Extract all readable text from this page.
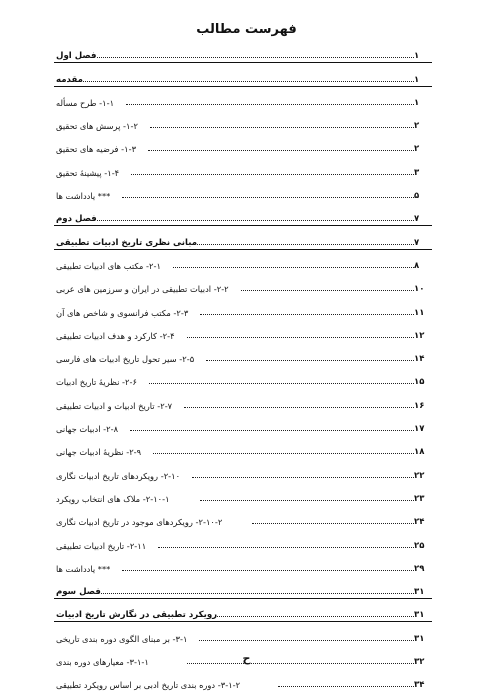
فهرست مطالب
فصل اول	۱
مقدمه	۱
۱-۱- طرح مسأله	۱
۱-۲- پرسش های تحقیق	۲
۱-۳- فرضیه های تحقیق	۲
۱-۴- پیشینهٔ تحقیق	۳
*** یادداشت ها	۵
فصل دوم	۷
مبانی نظری تاریخ ادبیات تطبیقی	۷
۲-۱- مکتب های ادبیات تطبیقی	۸
۲-۲- ادبیات تطبیقی در ایران و سرزمین های عربی	۱۰
۲-۳- مکتب فرانسوی و شاخص های آن	۱۱
۲-۴- کارکرد و هدف ادبیات تطبیقی	۱۲
۲-۵- سیر تحول تاریخ ادبیات های فارسی	۱۴
۲-۶- نظریهٔ تاریخ ادبیات	۱۵
۲-۷- تاریخ ادبیات و ادبیات تطبیقی	۱۶
۲-۸- ادبیات جهانی	۱۷
۲-۹- نظریهٔ ادبیات جهانی	۱۸
۲-۱۰- رویکردهای تاریخ ادبیات نگاری	۲۲
۲-۱۰-۱- ملاک های انتخاب رویکرد	۲۳
۲-۱۰-۲- رویکردهای موجود در تاریخ ادبیات نگاری	۲۴
۲-۱۱- تاریخ ادبیات تطبیقی	۲۵
*** یادداشت ها	۲۹
فصل سوم	۳۱
رویکرد تطبیقی در نگارش تاریخ ادبیات	۳۱
۳-۱- بر مبنای الگوی دوره بندی تاریخی	۳۱
۳-۱-۱- معیارهای دوره بندی	۳۲
۳-۱-۲- دوره بندی تاریخ ادبی بر اساس رویکرد تطبیقی	۳۴
ح
